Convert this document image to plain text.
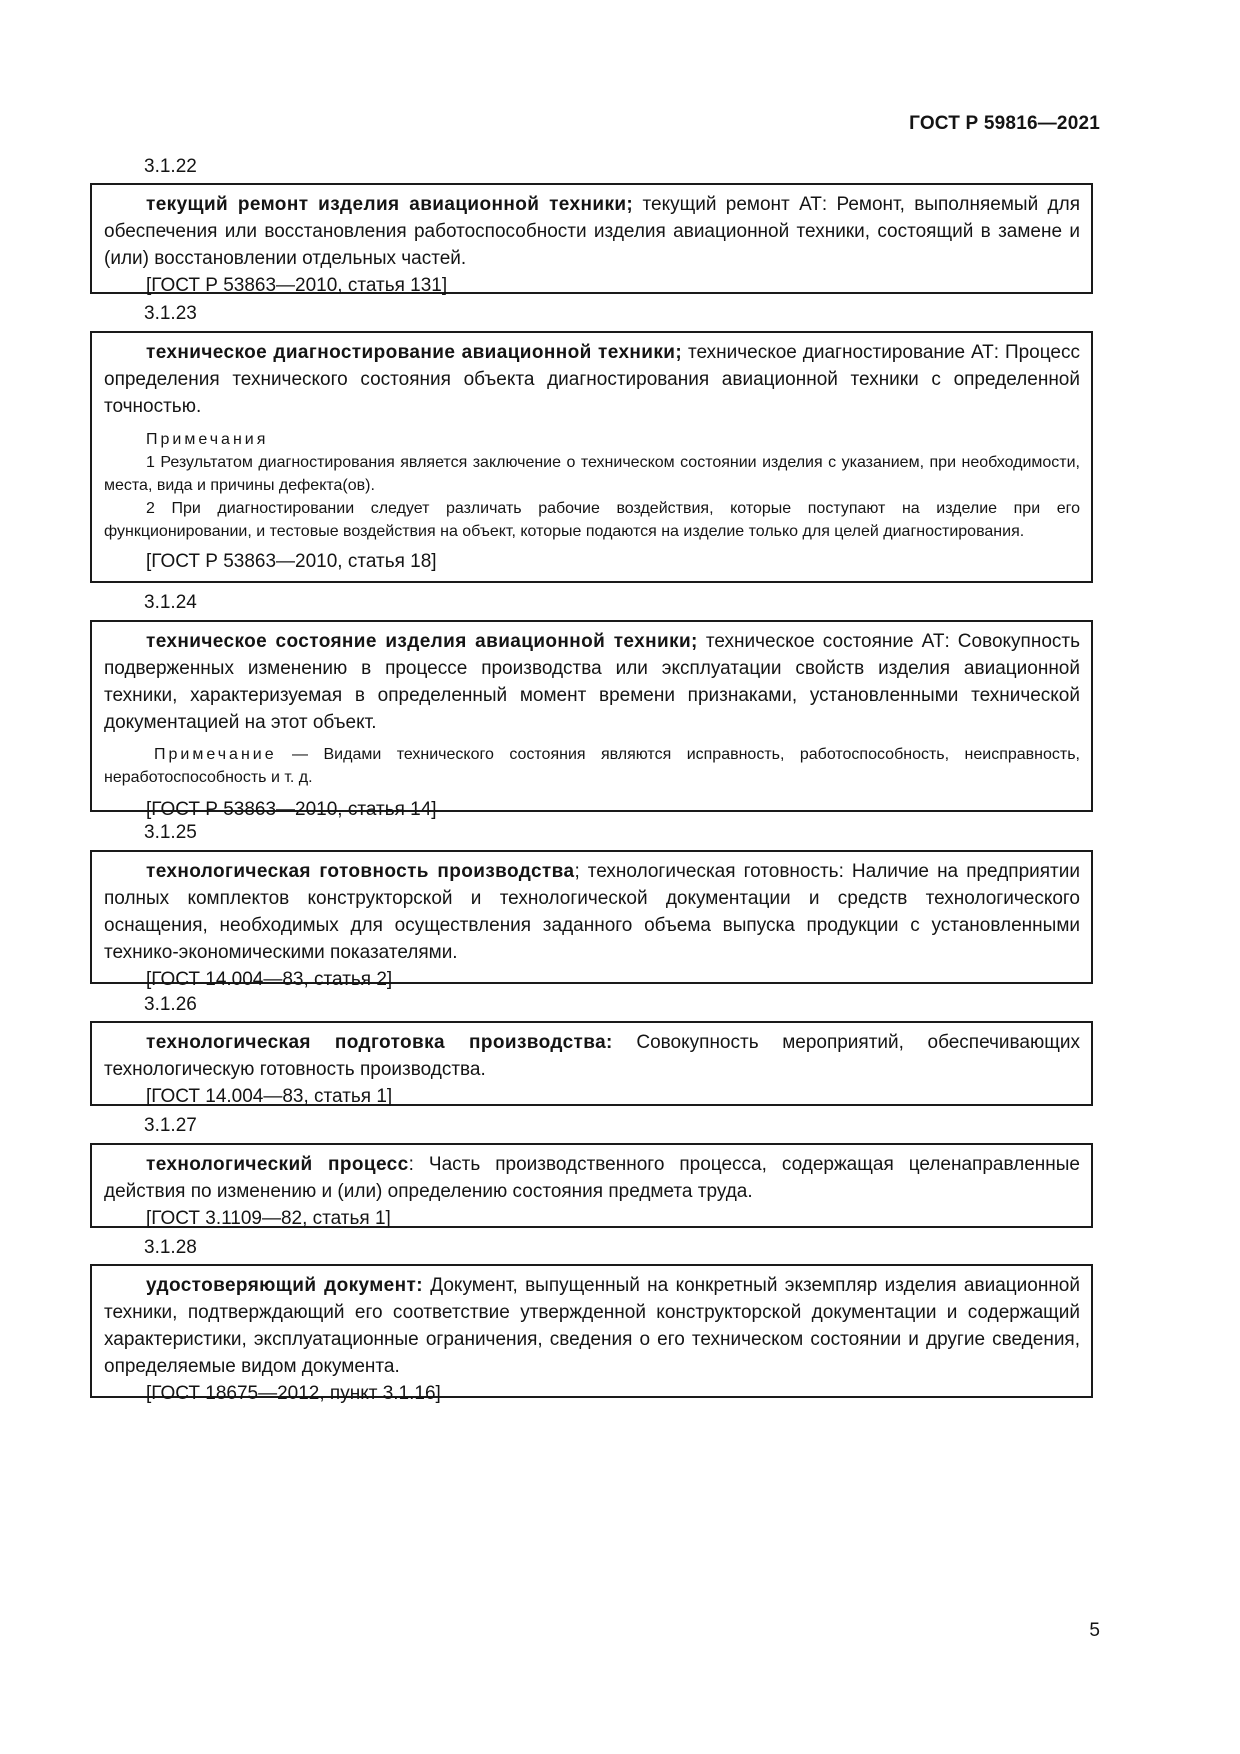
ГОСТ Р 59816—2021
3.1.22

текущий ремонт изделия авиационной техники; текущий ремонт АТ: Ремонт, выполняемый для обеспечения или восстановления работоспособности изделия авиационной техники, состоящий в замене и (или) восстановлении отдельных частей.

[ГОСТ Р 53863—2010, статья 131]

3.1.23

техническое диагностирование авиационной техники; техническое диагностирование АТ: Процесс определения технического состояния объекта диагностирования авиационной техники с определенной точностью.

Примечания

1 Результатом диагностирования является заключение о техническом состоянии изделия с указанием, при необходимости, места, вида и причины дефекта(ов).

2 При диагностировании следует различать рабочие воздействия, которые поступают на изделие при его функционировании, и тестовые воздействия на объект, которые подаются на изделие только для целей диагностирования.

[ГОСТ Р 53863—2010, статья 18]

3.1.24

техническое состояние изделия авиационной техники; техническое состояние АТ: Совокупность подверженных изменению в процессе производства или эксплуатации свойств изделия авиационной техники, характеризуемая в определенный момент времени признаками, установленными технической документацией на этот объект.

Примечание — Видами технического состояния являются исправность, работоспособность, неисправность, неработоспособность и т. д.

[ГОСТ Р 53863—2010, статья 14]

3.1.25

технологическая готовность производства; технологическая готовность: Наличие на предприятии полных комплектов конструкторской и технологической документации и средств технологического оснащения, необходимых для осуществления заданного объема выпуска продукции с установленными технико-экономическими показателями.

[ГОСТ 14.004—83, статья 2]

3.1.26

технологическая подготовка производства: Совокупность мероприятий, обеспечивающих технологическую готовность производства.

[ГОСТ 14.004—83, статья 1]

3.1.27

технологический процесс: Часть производственного процесса, содержащая целенаправленные действия по изменению и (или) определению состояния предмета труда.

[ГОСТ 3.1109—82, статья 1]

3.1.28

удостоверяющий документ: Документ, выпущенный на конкретный экземпляр изделия авиационной техники, подтверждающий его соответствие утвержденной конструкторской документации и содержащий характеристики, эксплуатационные ограничения, сведения о его техническом состоянии и другие сведения, определяемые видом документа.

[ГОСТ 18675—2012, пункт 3.1.16]

5
